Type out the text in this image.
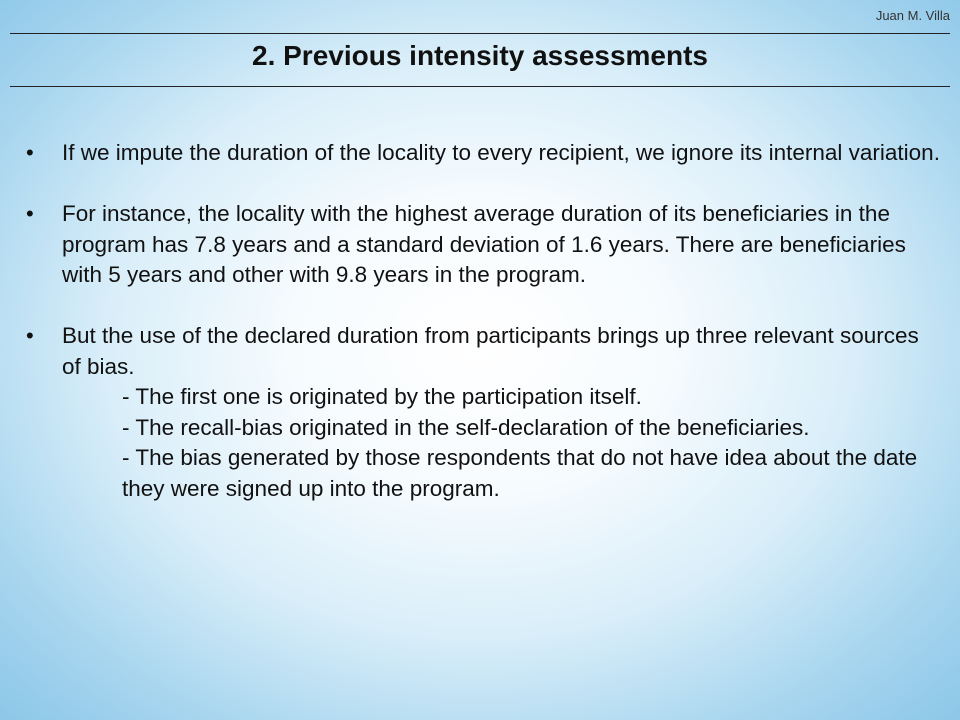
Juan M. Villa
2. Previous intensity assessments
• If we impute the duration of the locality to every recipient, we ignore its internal variation.
• For instance, the locality with the highest average duration of its beneficiaries in the program has 7.8 years and a standard deviation of 1.6 years. There are beneficiaries with 5 years and other with 9.8 years in the program.
• But the use of the declared duration from participants brings up three relevant sources of bias.
- The first one is originated by the participation itself.
- The recall-bias originated in the self-declaration of the beneficiaries.
- The bias generated by those respondents that do not have idea about the date they were signed up into the program.
